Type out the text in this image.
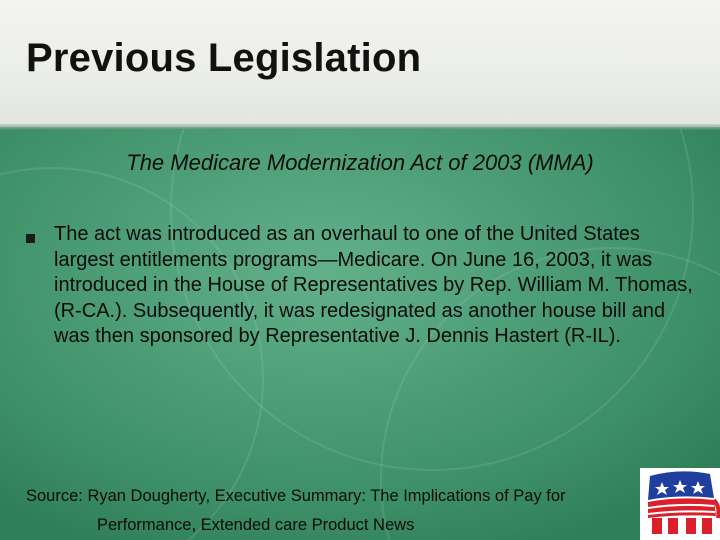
Previous Legislation
The Medicare Modernization Act of 2003 (MMA)
The act was introduced as an overhaul to one of the United States largest entitlements programs—Medicare. On June 16, 2003, it was introduced in the House of Representatives by Rep. William M. Thomas, (R-CA.). Subsequently, it was redesignated as another house bill and was then sponsored by Representative J. Dennis Hastert (R-IL).
Source: Ryan Dougherty, Executive Summary: The Implications of Pay for
Performance, Extended care Product News
